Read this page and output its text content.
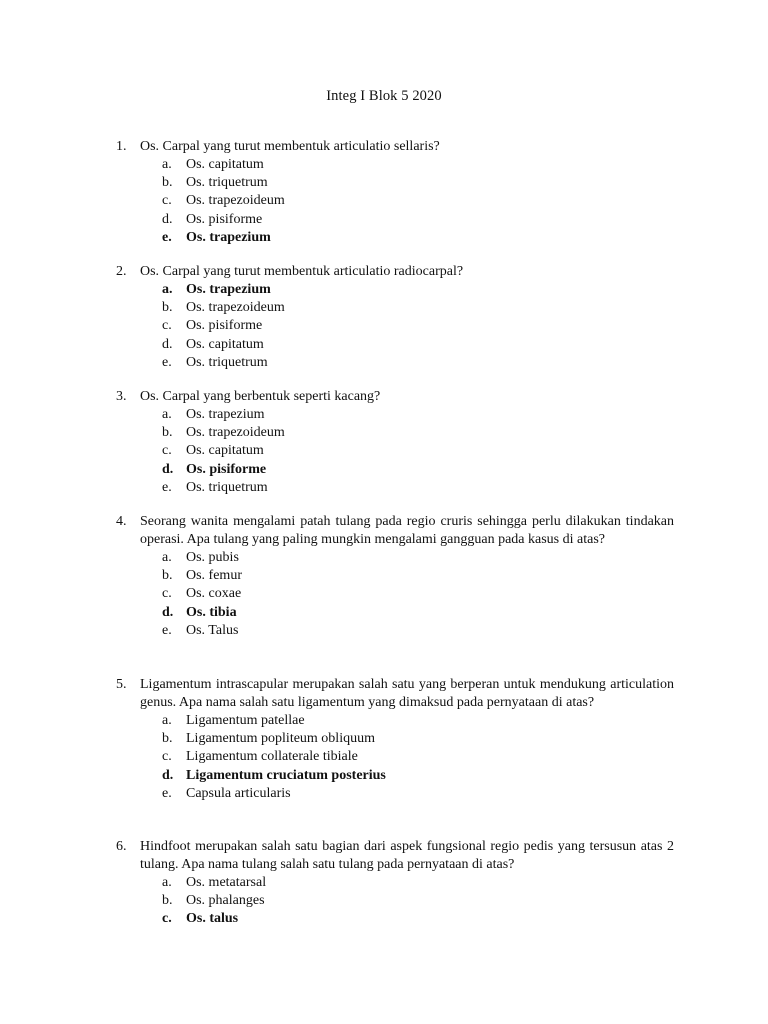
Integ I Blok 5 2020
1. Os. Carpal yang turut membentuk articulatio sellaris?
a.	Os. capitatum
b. Os. triquetrum
c.	Os. trapezoideum
d. Os. pisiforme
e.	Os. trapezium
2. Os. Carpal yang turut membentuk articulatio radiocarpal?
a. Os. trapezium
b. Os. trapezoideum
c.	Os. pisiforme
d. Os. capitatum
e.	Os. triquetrum
3. Os. Carpal yang berbentuk seperti kacang?
a.	Os. trapezium
b. Os. trapezoideum
c.	Os. capitatum
d. Os. pisiforme
e.	Os. triquetrum
4. Seorang wanita mengalami patah tulang pada regio cruris sehingga perlu dilakukan tindakan operasi. Apa tulang yang paling mungkin mengalami gangguan pada kasus di atas?
a.	Os. pubis
b. Os. femur
c.	Os. coxae
d. Os. tibia
e.	Os. Talus
5. Ligamentum intrascapular merupakan salah satu yang berperan untuk mendukung articulation genus. Apa nama salah satu ligamentum yang dimaksud pada pernyataan di atas?
a.	Ligamentum patellae
b. Ligamentum popliteum obliquum
c.	Ligamentum collaterale tibiale
d. Ligamentum cruciatum posterius
e.	Capsula articularis
6. Hindfoot merupakan salah satu bagian dari aspek fungsional regio pedis yang tersusun atas 2 tulang. Apa nama tulang salah satu tulang pada pernyataan di atas?
a.	Os. metatarsal
b. Os. phalanges
c.	Os. talus
